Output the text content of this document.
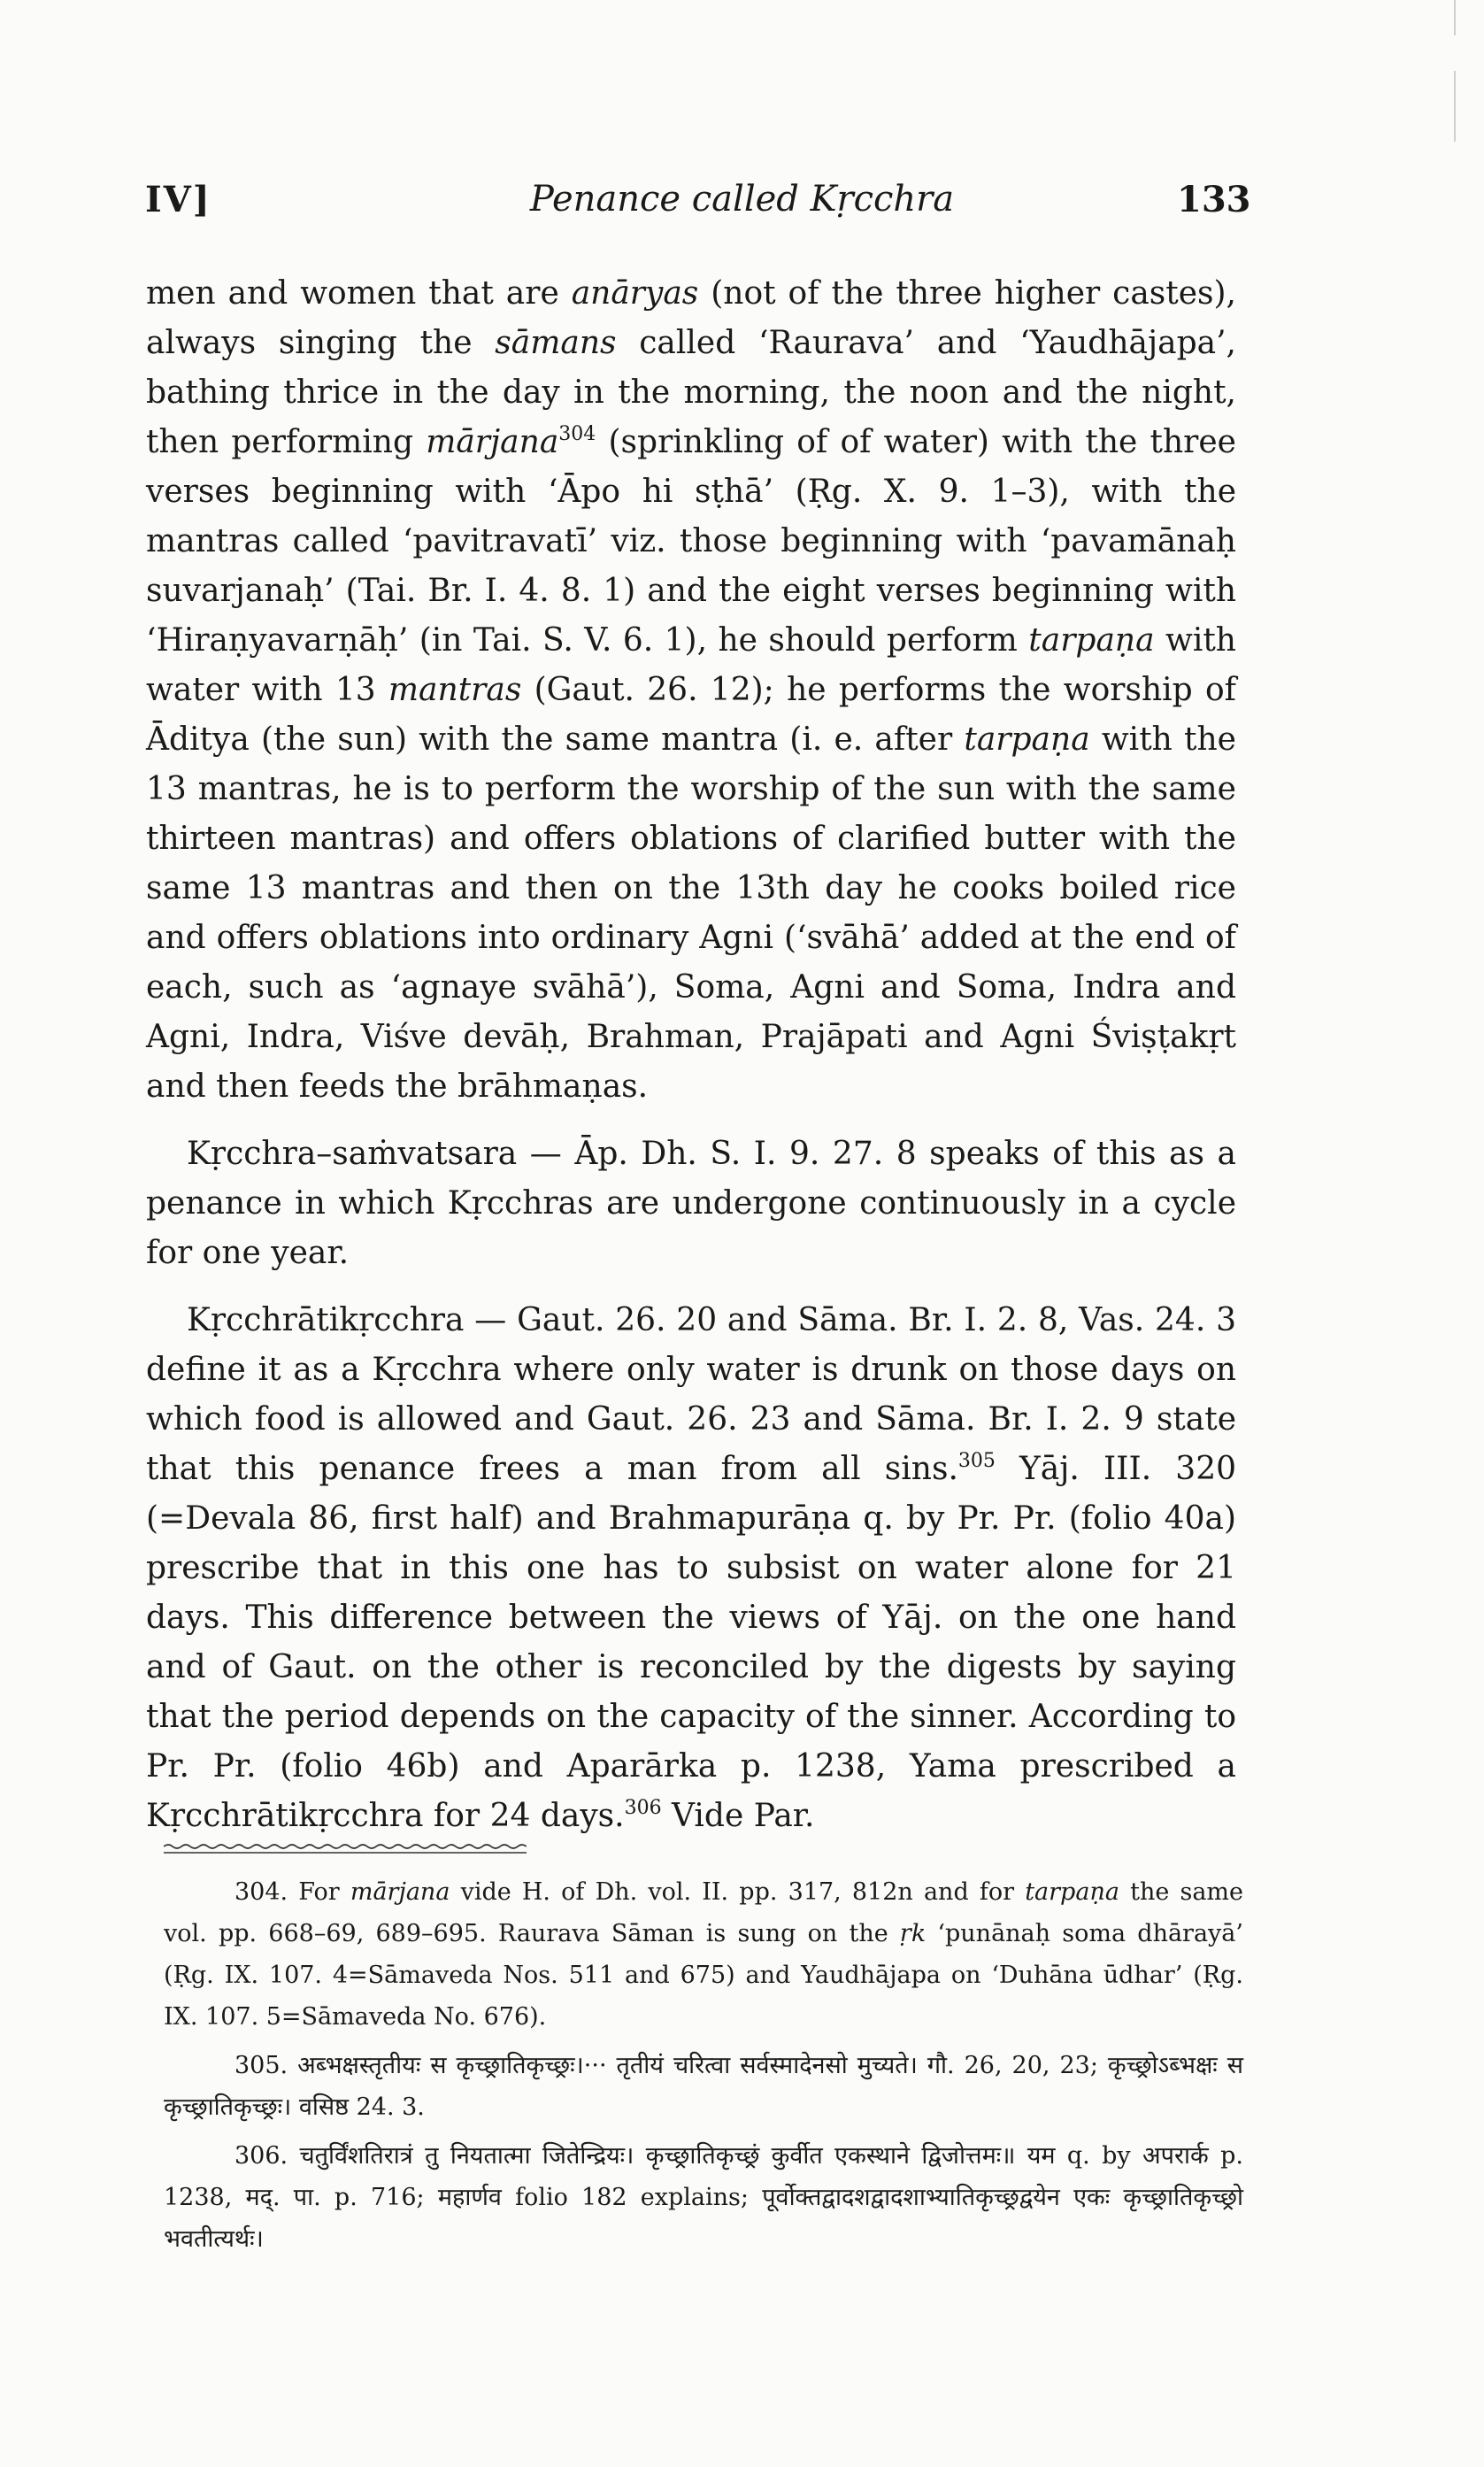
IV]	Penance called Kṛcchra	133

men and women that are anāryas (not of the three higher castes), always singing the sāmans called ‘Raurava’ and ‘Yaudhājapa’, bathing thrice in the day in the morning, the noon and the night, then performing mārjana$^{304}$ (sprinkling of of water) with the three verses beginning with ‘Āpo hi sṭhā’ (Ṛg. X. 9. 1–3), with the mantras called ‘pavitravatī’ viz. those beginning with ‘pavamānaḥ suvarjanaḥ’ (Tai. Br. I. 4. 8. 1) and the eight verses beginning with ‘Hiraṇyavarṇāḥ’ (in Tai. S. V. 6. 1), he should perform tarpaṇa with water with 13 mantras (Gaut. 26. 12); he performs the worship of Āditya (the sun) with the same mantra (i. e. after tarpaṇa with the 13 mantras, he is to perform the worship of the sun with the same thirteen mantras) and offers oblations of clarified butter with the same 13 mantras and then on the 13th day he cooks boiled rice and offers oblations into ordinary Agni (‘svāhā’ added at the end of each, such as ‘agnaye svāhā’), Soma, Agni and Soma, Indra and Agni, Indra, Viśve devāḥ, Brahman, Prajāpati and Agni Śviṣṭakṛt and then feeds the brāhmaṇas.

Kṛcchra–saṁvatsara — Āp. Dh. S. I. 9. 27. 8 speaks of this as a penance in which Kṛcchras are undergone continuously in a cycle for one year.

Kṛcchrātikṛcchra — Gaut. 26. 20 and Sāma. Br. I. 2. 8, Vas. 24. 3 define it as a Kṛcchra where only water is drunk on those days on which food is allowed and Gaut. 26. 23 and Sāma. Br. I. 2. 9 state that this penance frees a man from all sins.$^{305}$ Yāj. III. 320 (=Devala 86, first half) and Brahmapurāṇa q. by Pr. Pr. (folio 40a) prescribe that in this one has to subsist on water alone for 21 days. This difference between the views of Yāj. on the one hand and of Gaut. on the other is reconciled by the digests by saying that the period depends on the capacity of the sinner. According to Pr. Pr. (folio 46b) and Aparārka p. 1238, Yama prescribed a Kṛcchrātikṛcchra for 24 days.$^{306}$ Vide Par.

304. For mārjana vide H. of Dh. vol. II. pp. 317, 812n and for tarpaṇa the same vol. pp. 668–69, 689–695. Raurava Sāman is sung on the ṛk ‘punānaḥ soma dhārayā’ (Ṛg. IX. 107. 4=Sāmaveda Nos. 511 and 675) and Yaudhājapa on ‘Duhāna ūdhar’ (Ṛg. IX. 107. 5=Sāmaveda No. 676).

305. अब्भक्षस्तृतीयः स कृच्छ्रातिकृच्छ्रः।··· तृतीयं चरित्वा सर्वस्मादेनसो मुच्यते। गौ. 26, 20, 23; कृच्छ्रोऽब्भक्षः स कृच्छ्रातिकृच्छ्रः। वसिष्ठ 24. 3.

306. चतुर्विंशतिरात्रं तु नियतात्मा जितेन्द्रियः। कृच्छ्रातिकृच्छ्रं कुर्वीत एकस्थाने द्विजोत्तमः॥ यम q. by अपरार्क p. 1238, मद्. पा. p. 716; महार्णव folio 182 explains; पूर्वोक्तद्वादशद्वादशाभ्यातिकृच्छ्रद्वयेन एकः कृच्छ्रातिकृच्छ्रो भवतीत्यर्थः।
